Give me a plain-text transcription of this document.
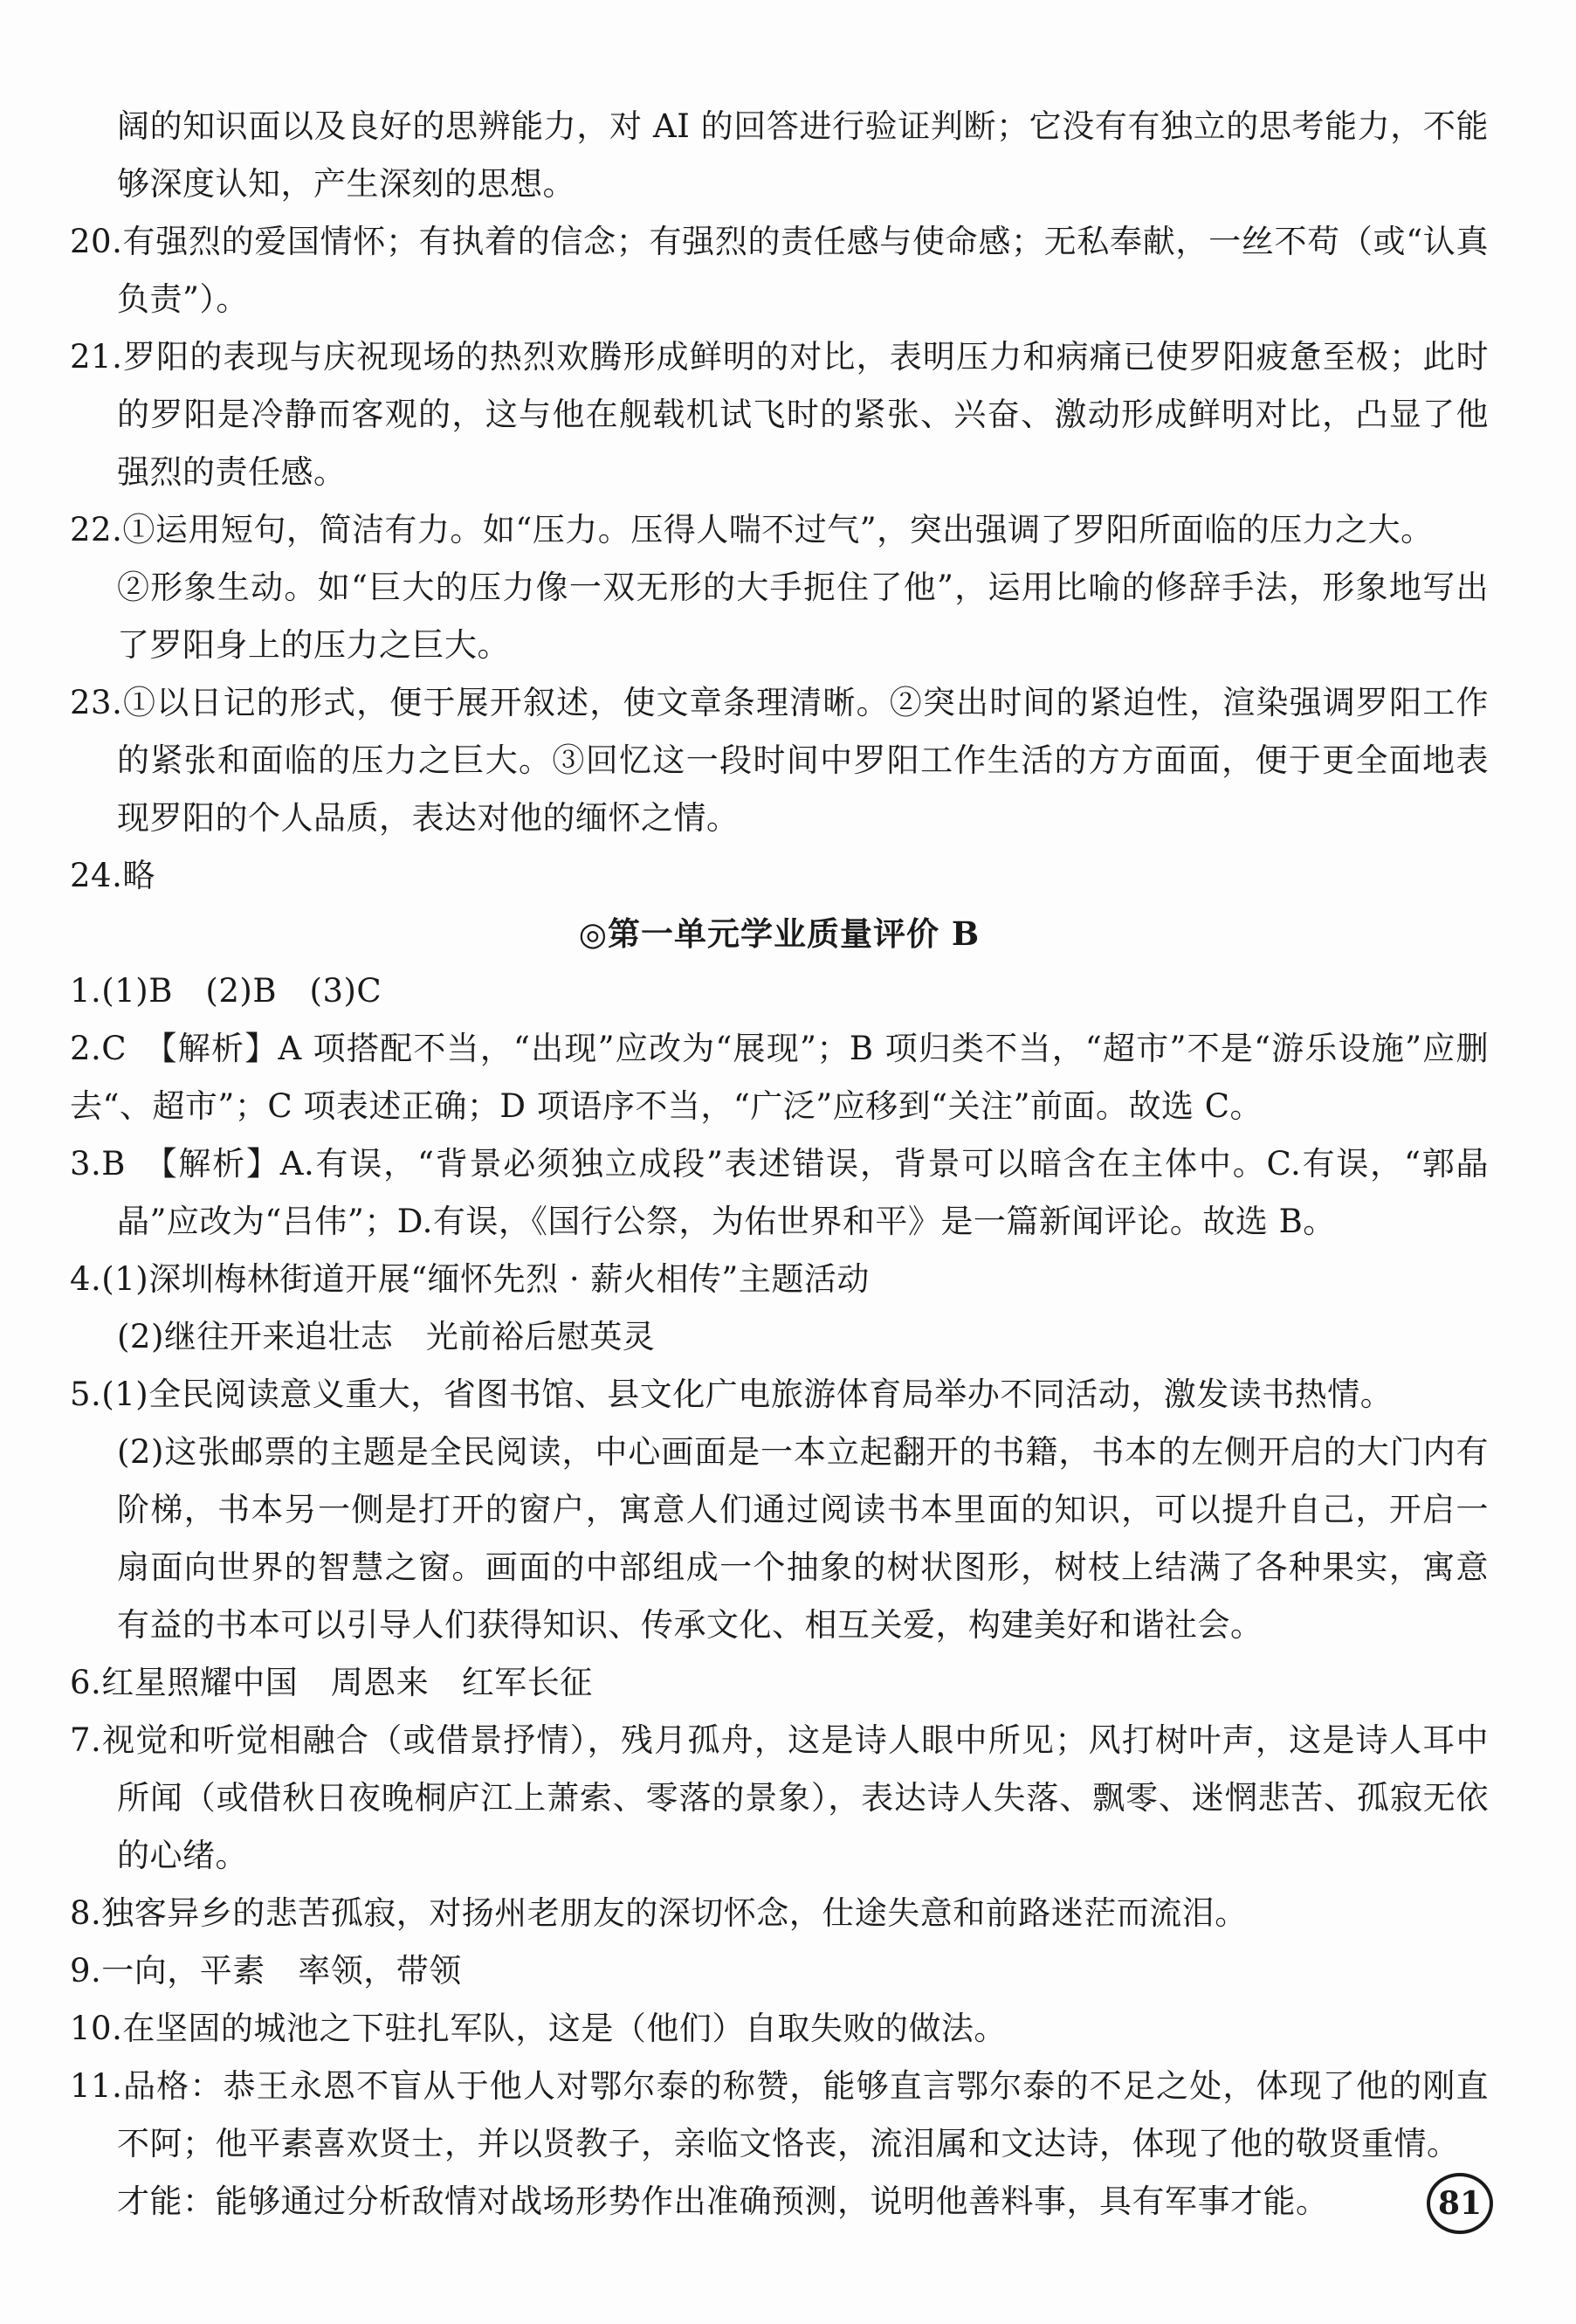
阔的知识面以及良好的思辨能力，对 AI 的回答进行验证判断；它没有有独立的思考能力，不能够深度认知，产生深刻的思想。

20.有强烈的爱国情怀；有执着的信念；有强烈的责任感与使命感；无私奉献，一丝不苟（或“认真负责”）。

21.罗阳的表现与庆祝现场的热烈欢腾形成鲜明的对比，表明压力和病痛已使罗阳疲惫至极；此时的罗阳是冷静而客观的，这与他在舰载机试飞时的紧张、兴奋、激动形成鲜明对比，凸显了他强烈的责任感。

22.①运用短句，简洁有力。如“压力。压得人喘不过气”，突出强调了罗阳所面临的压力之大。

②形象生动。如“巨大的压力像一双无形的大手扼住了他”，运用比喻的修辞手法，形象地写出了罗阳身上的压力之巨大。

23.①以日记的形式，便于展开叙述，使文章条理清晰。②突出时间的紧迫性，渲染强调罗阳工作的紧张和面临的压力之巨大。③回忆这一段时间中罗阳工作生活的方方面面，便于更全面地表现罗阳的个人品质，表达对他的缅怀之情。

24.略

◎第一单元学业质量评价 B

1.(1)B　(2)B　(3)C

2.C　【解析】A 项搭配不当，“出现”应改为“展现”；B 项归类不当，“超市”不是“游乐设施”应删去“、超市”；C 项表述正确；D 项语序不当，“广泛”应移到“关注”前面。故选 C。

3.B　【解析】A.有误，“背景必须独立成段”表述错误，背景可以暗含在主体中。C.有误，“郭晶晶”应改为“吕伟”；D.有误，《国行公祭，为佑世界和平》是一篇新闻评论。故选 B。

4.(1)深圳梅林街道开展“缅怀先烈 · 薪火相传”主题活动

(2)继往开来追壮志　光前裕后慰英灵

5.(1)全民阅读意义重大，省图书馆、县文化广电旅游体育局举办不同活动，激发读书热情。

(2)这张邮票的主题是全民阅读，中心画面是一本立起翻开的书籍，书本的左侧开启的大门内有阶梯，书本另一侧是打开的窗户，寓意人们通过阅读书本里面的知识，可以提升自己，开启一扇面向世界的智慧之窗。画面的中部组成一个抽象的树状图形，树枝上结满了各种果实，寓意有益的书本可以引导人们获得知识、传承文化、相互关爱，构建美好和谐社会。

6.红星照耀中国　周恩来　红军长征

7.视觉和听觉相融合（或借景抒情），残月孤舟，这是诗人眼中所见；风打树叶声，这是诗人耳中所闻（或借秋日夜晚桐庐江上萧索、零落的景象），表达诗人失落、飘零、迷惘悲苦、孤寂无依的心绪。

8.独客异乡的悲苦孤寂，对扬州老朋友的深切怀念，仕途失意和前路迷茫而流泪。

9.一向，平素　率领，带领

10.在坚固的城池之下驻扎军队，这是（他们）自取失败的做法。

11.品格：恭王永恩不盲从于他人对鄂尔泰的称赞，能够直言鄂尔泰的不足之处，体现了他的刚直不阿；他平素喜欢贤士，并以贤教子，亲临文恪丧，流泪属和文达诗，体现了他的敬贤重情。

才能：能够通过分析敌情对战场形势作出准确预测，说明他善料事，具有军事才能。	81
